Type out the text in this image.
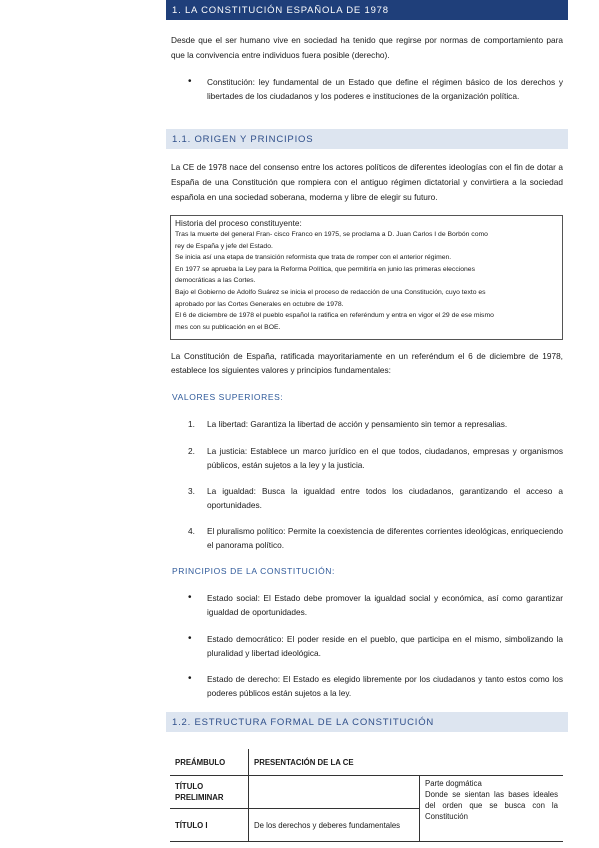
1. LA CONSTITUCIÓN ESPAÑOLA DE 1978
Desde que el ser humano vive en sociedad ha tenido que regirse por normas de comportamiento para que la convivencia entre individuos fuera posible (derecho).
• Constitución: ley fundamental de un Estado que define el régimen básico de los derechos y libertades de los ciudadanos y los poderes e instituciones de la organización política.
1.1. ORIGEN Y PRINCIPIOS
La CE de 1978 nace del consenso entre los actores políticos de diferentes ideologías con el fin de dotar a España de una Constitución que rompiera con el antiguo régimen dictatorial y convirtiera a la sociedad española en una sociedad soberana, moderna y libre de elegir su futuro.
Historia del proceso constituyente:
Tras la muerte del general Fran- cisco Franco en 1975, se proclama a D. Juan Carlos I de Borbón como
rey de España y jefe del Estado.
Se inicia así una etapa de transición reformista que trata de romper con el anterior régimen.
En 1977 se aprueba la Ley para la Reforma Política, que permitiría en junio las primeras elecciones
democráticas a las Cortes.
Bajo el Gobierno de Adolfo Suárez se inicia el proceso de redacción de una Constitución, cuyo texto es
aprobado por las Cortes Generales en octubre de 1978.
El 6 de diciembre de 1978 el pueblo español la ratifica en referéndum y entra en vigor el 29 de ese mismo
mes con su publicación en el BOE.
La Constitución de España, ratificada mayoritariamente en un referéndum el 6 de diciembre de 1978, establece los siguientes valores y principios fundamentales:
VALORES SUPERIORES:
1. La libertad: Garantiza la libertad de acción y pensamiento sin temor a represalias.
2. La justicia: Establece un marco jurídico en el que todos, ciudadanos, empresas y organismos públicos, están sujetos a la ley y la justicia.
3. La igualdad: Busca la igualdad entre todos los ciudadanos, garantizando el acceso a oportunidades.
4. El pluralismo político: Permite la coexistencia de diferentes corrientes ideológicas, enriqueciendo el panorama político.
PRINCIPIOS DE LA CONSTITUCIÓN:
• Estado social: El Estado debe promover la igualdad social y económica, así como garantizar igualdad de oportunidades.
• Estado democrático: El poder reside en el pueblo, que participa en el mismo, simbolizando la pluralidad y libertad ideológica.
• Estado de derecho: El Estado es elegido libremente por los ciudadanos y tanto estos como los poderes públicos están sujetos a la ley.
1.2. ESTRUCTURA FORMAL DE LA CONSTITUCIÓN
PREÁMBULO	PRESENTACIÓN DE LA CE	
TÍTULO PRELIMINAR		Parte dogmática
Donde se sientan las bases ideales del orden que se busca con la Constitución

TÍTULO I	De los derechos y deberes fundamentales	
